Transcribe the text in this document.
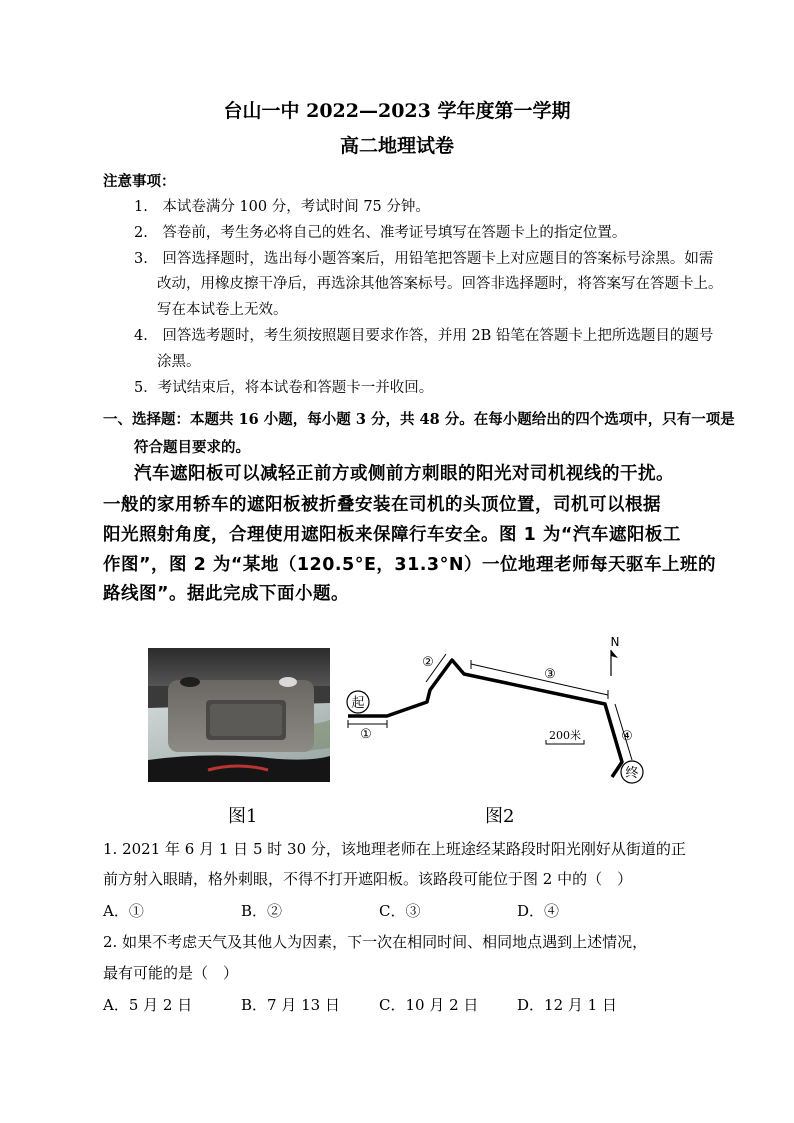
台山一中 2022—2023 学年度第一学期
高二地理试卷
注意事项：
1.　本试卷满分 100 分，考试时间 75 分钟。
2.　答卷前，考生务必将自己的姓名、准考证号填写在答题卡上的指定位置。
3.　回答选择题时，选出每小题答案后，用铅笔把答题卡上对应题目的答案标号涂黑。如需
改动，用橡皮擦干净后，再选涂其他答案标号。回答非选择题时，将答案写在答题卡上。
写在本试卷上无效。
4.　回答选考题时，考生须按照题目要求作答，并用 2B 铅笔在答题卡上把所选题目的题号
涂黑。
5．考试结束后，将本试卷和答题卡一并收回。
一、选择题：本题共 16 小题，每小题 3 分，共 48 分。在每小题给出的四个选项中，只有一项是
符合题目要求的。
汽车遮阳板可以减轻正前方或侧前方刺眼的阳光对司机视线的干扰。
一般的家用轿车的遮阳板被折叠安装在司机的头顶位置，司机可以根据
阳光照射角度，合理使用遮阳板来保障行车安全。图 1 为“汽车遮阳板工
作图”，图 2 为“某地（120.5°E，31.3°N）一位地理老师每天驱车上班的
路线图”。据此完成下面小题。
起
①
②
③
④
终
N
200米
图1	图2
1. 2021 年 6 月 1 日 5 时 30 分，该地理老师在上班途经某路段时阳光刚好从街道的正
前方射入眼睛，格外刺眼，不得不打开遮阳板。该路段可能位于图 2 中的（　）
A．①	B．②	C．③	D．④
2. 如果不考虑天气及其他人为因素，下一次在相同时间、相同地点遇到上述情况，
最有可能的是（　）
A．5 月 2 日	B．7 月 13 日	C．10 月 2 日	D．12 月 1 日
